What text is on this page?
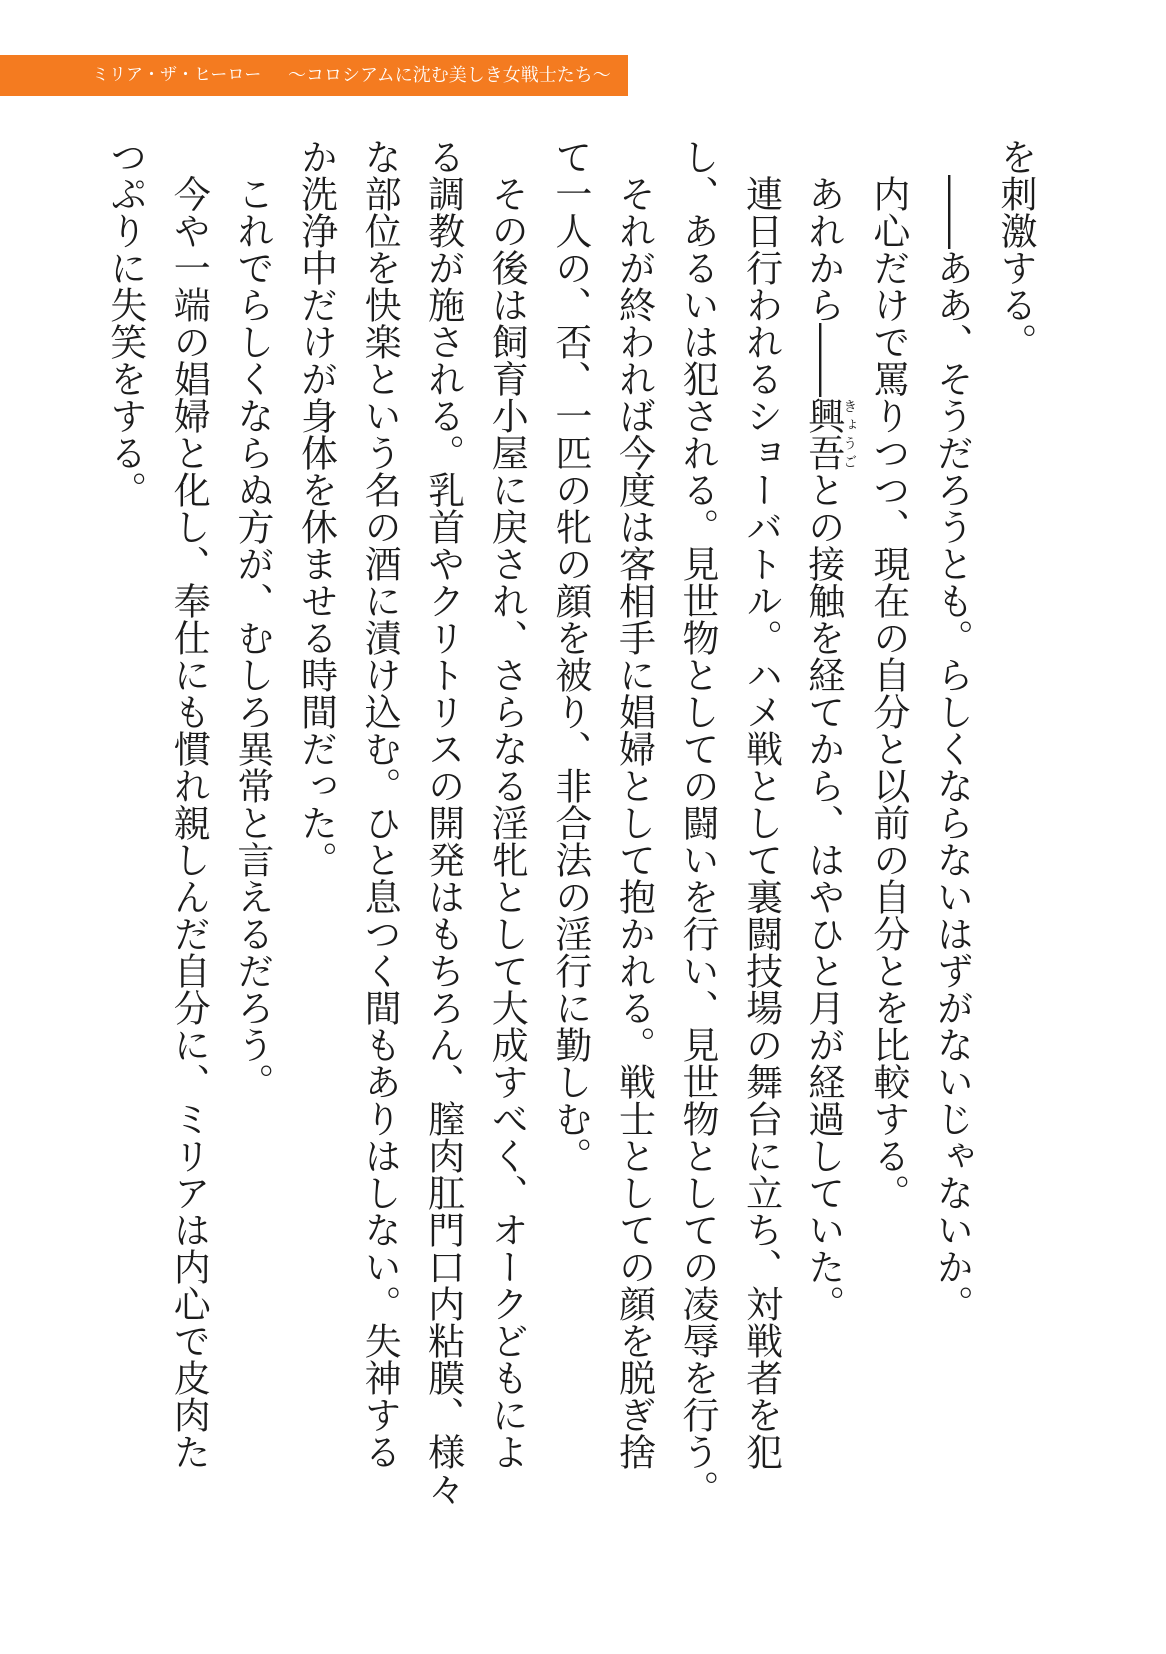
ミリア・ザ・ヒーロー ～コロシアムに沈む美しき女戦士たち～
を刺激する。
――ああ、そうだろうとも。らしくならないはずがないじゃないか。
内心だけで罵りつつ、現在の自分と以前の自分とを比較する。
あれから――興吾きょうごとの接触を経てから、はやひと月が経過していた。
連日行われるショーバトル。ハメ戦として裏闘技場の舞台に立ち、対戦者を犯
し、あるいは犯される。見世物としての闘いを行い、見世物としての凌辱を行う。
それが終われば今度は客相手に娼婦として抱かれる。戦士としての顔を脱ぎ捨
て一人の、否、一匹の牝の顔を被り、非合法の淫行に勤しむ。
その後は飼育小屋に戻され、さらなる淫牝として大成すべく、オークどもによ
る調教が施される。乳首やクリトリスの開発はもちろん、膣肉肛門口内粘膜、様々
な部位を快楽という名の酒に漬け込む。ひと息つく間もありはしない。失神する
か洗浄中だけが身体を休ませる時間だった。
これでらしくならぬ方が、むしろ異常と言えるだろう。
今や一端の娼婦と化し、奉仕にも慣れ親しんだ自分に、ミリアは内心で皮肉た
つぷりに失笑をする。
